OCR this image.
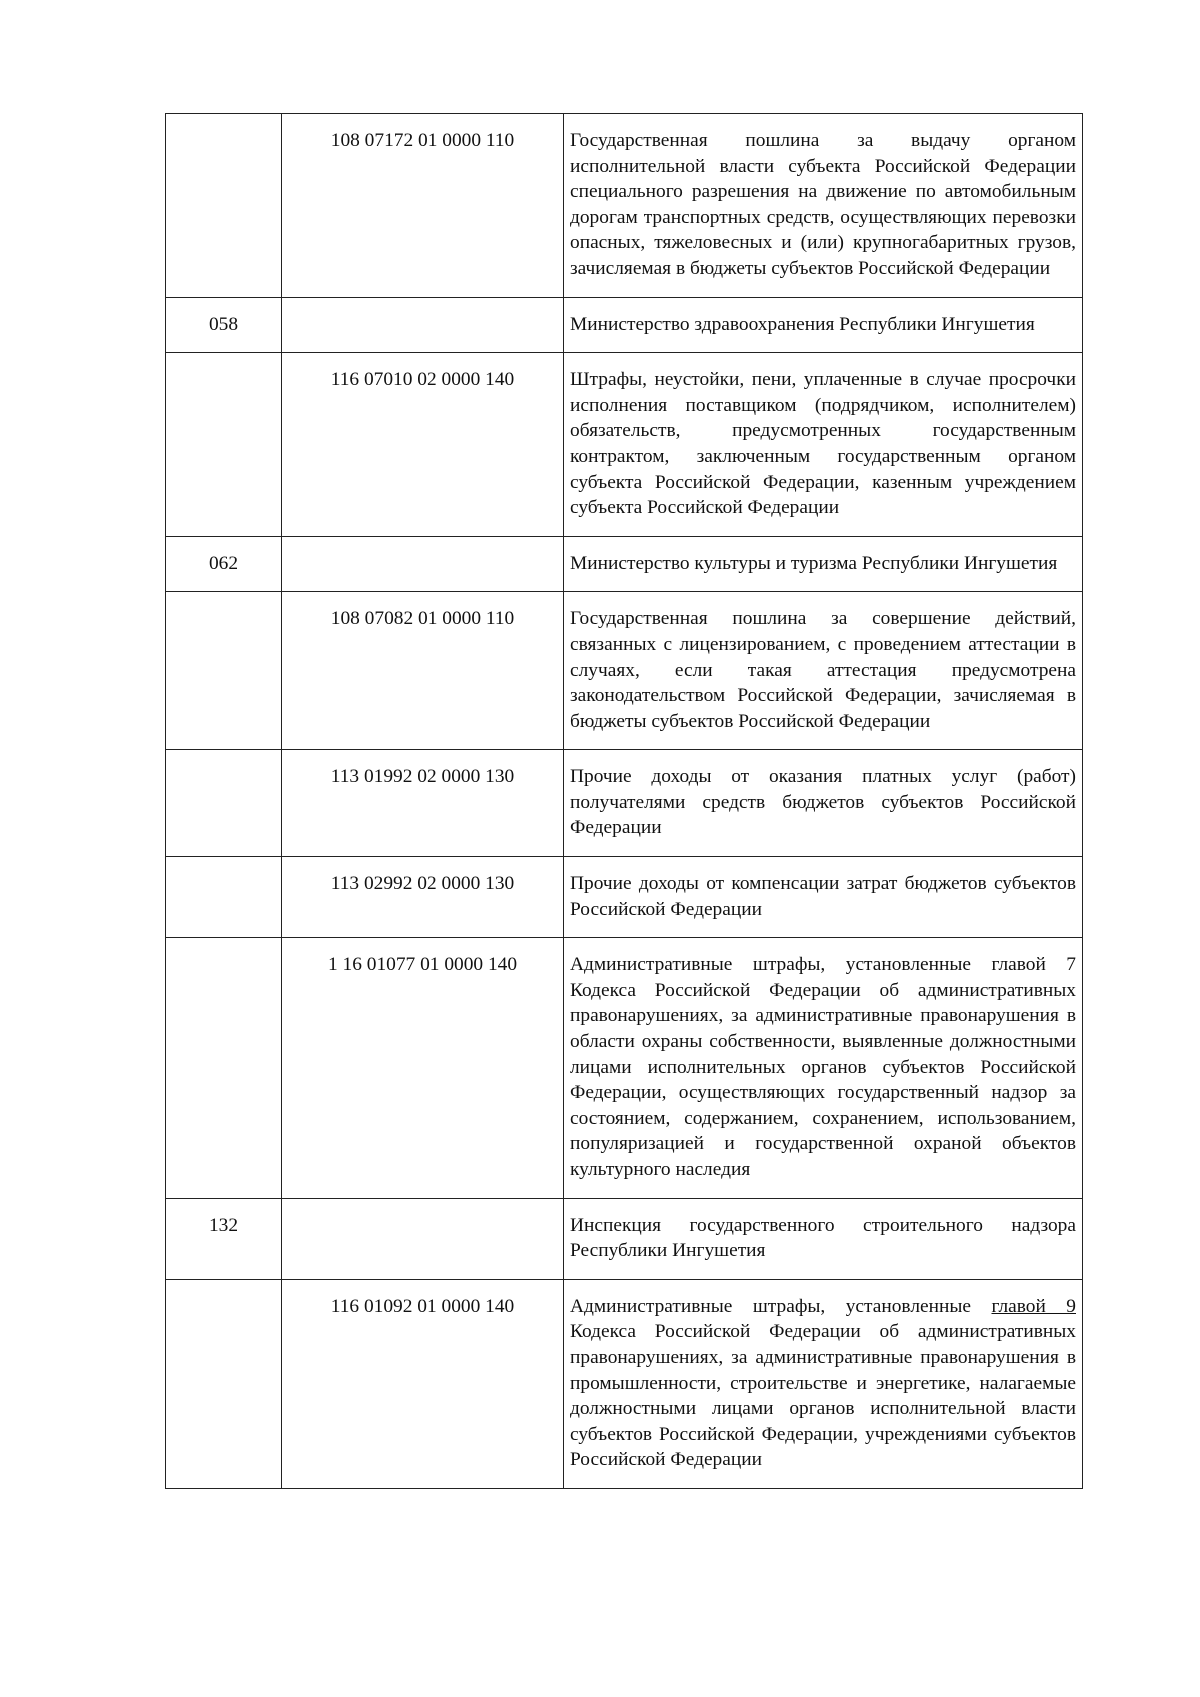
	108 07172 01 0000 110	Государственная пошлина за выдачу органом исполнительной власти субъекта Российской Федерации специального разрешения на движение по автомобильным дорогам транспортных средств, осуществляющих перевозки опасных, тяжеловесных и (или) крупногабаритных грузов, зачисляемая в бюджеты субъектов Российской Федерации
058		Министерство здравоохранения Республики Ингушетия
	116 07010 02 0000 140	Штрафы, неустойки, пени, уплаченные в случае просрочки исполнения поставщиком (подрядчиком, исполнителем) обязательств, предусмотренных государственным контрактом, заключенным государственным органом субъекта Российской Федерации, казенным учреждением субъекта Российской Федерации
062		Министерство культуры и туризма Республики Ингушетия
	108 07082 01 0000 110	Государственная пошлина за совершение действий, связанных с лицензированием, с проведением аттестации в случаях, если такая аттестация предусмотрена законодательством Российской Федерации, зачисляемая в бюджеты субъектов Российской Федерации
	113 01992 02 0000 130	Прочие доходы от оказания платных услуг (работ) получателями средств бюджетов субъектов Российской Федерации
	113 02992 02 0000 130	Прочие доходы от компенсации затрат бюджетов субъектов Российской Федерации
	1 16 01077 01 0000 140	Административные штрафы, установленные главой 7 Кодекса Российской Федерации об административных правонарушениях, за административные правонарушения в области охраны собственности, выявленные должностными лицами исполнительных органов субъектов Российской Федерации, осуществляющих государственный надзор за состоянием, содержанием, сохранением, использованием, популяризацией и государственной охраной объектов культурного наследия
132		Инспекция государственного строительного надзора Республики Ингушетия
	116 01092 01 0000 140	Административные штрафы, установленные главой 9 Кодекса Российской Федерации об административных правонарушениях, за административные правонарушения в промышленности, строительстве и энергетике, налагаемые должностными лицами органов исполнительной власти субъектов Российской Федерации, учреждениями субъектов Российской Федерации
